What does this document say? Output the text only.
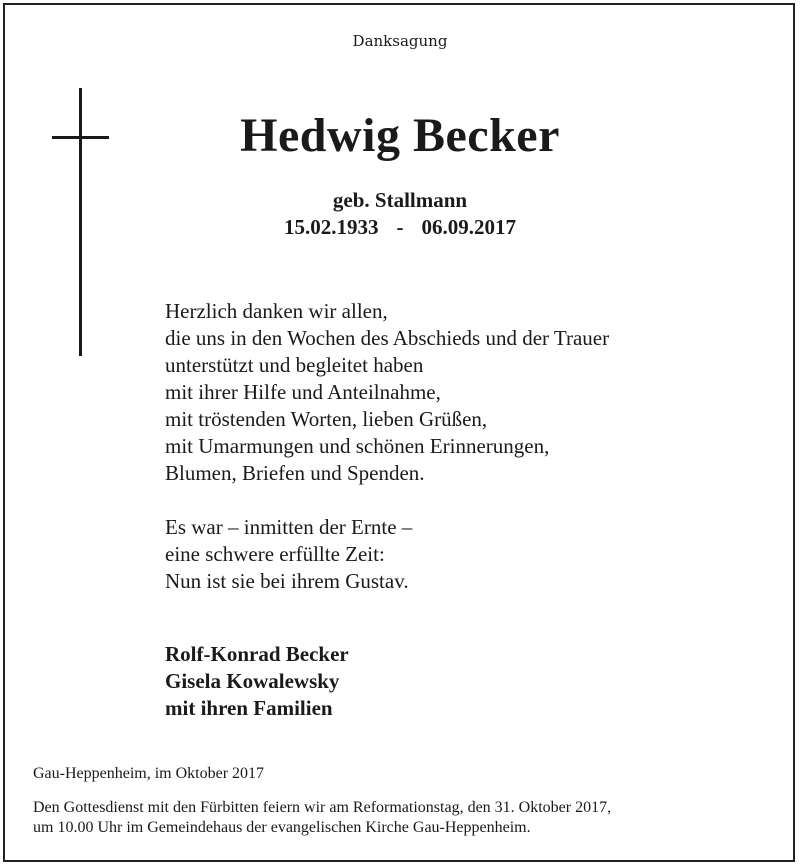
Danksagung
Hedwig Becker
geb. Stallmann
15.02.1933 - 06.09.2017
Herzlich danken wir allen,
die uns in den Wochen des Abschieds und der Trauer
unterstützt und begleitet haben
mit ihrer Hilfe und Anteilnahme,
mit tröstenden Worten, lieben Grüßen,
mit Umarmungen und schönen Erinnerungen,
Blumen, Briefen und Spenden.
Es war – inmitten der Ernte –
eine schwere erfüllte Zeit:
Nun ist sie bei ihrem Gustav.
Rolf-Konrad Becker
Gisela Kowalewsky
mit ihren Familien
Gau-Heppenheim, im Oktober 2017
Den Gottesdienst mit den Fürbitten feiern wir am Reformationstag, den 31. Oktober 2017,
um 10.00 Uhr im Gemeindehaus der evangelischen Kirche Gau-Heppenheim.
